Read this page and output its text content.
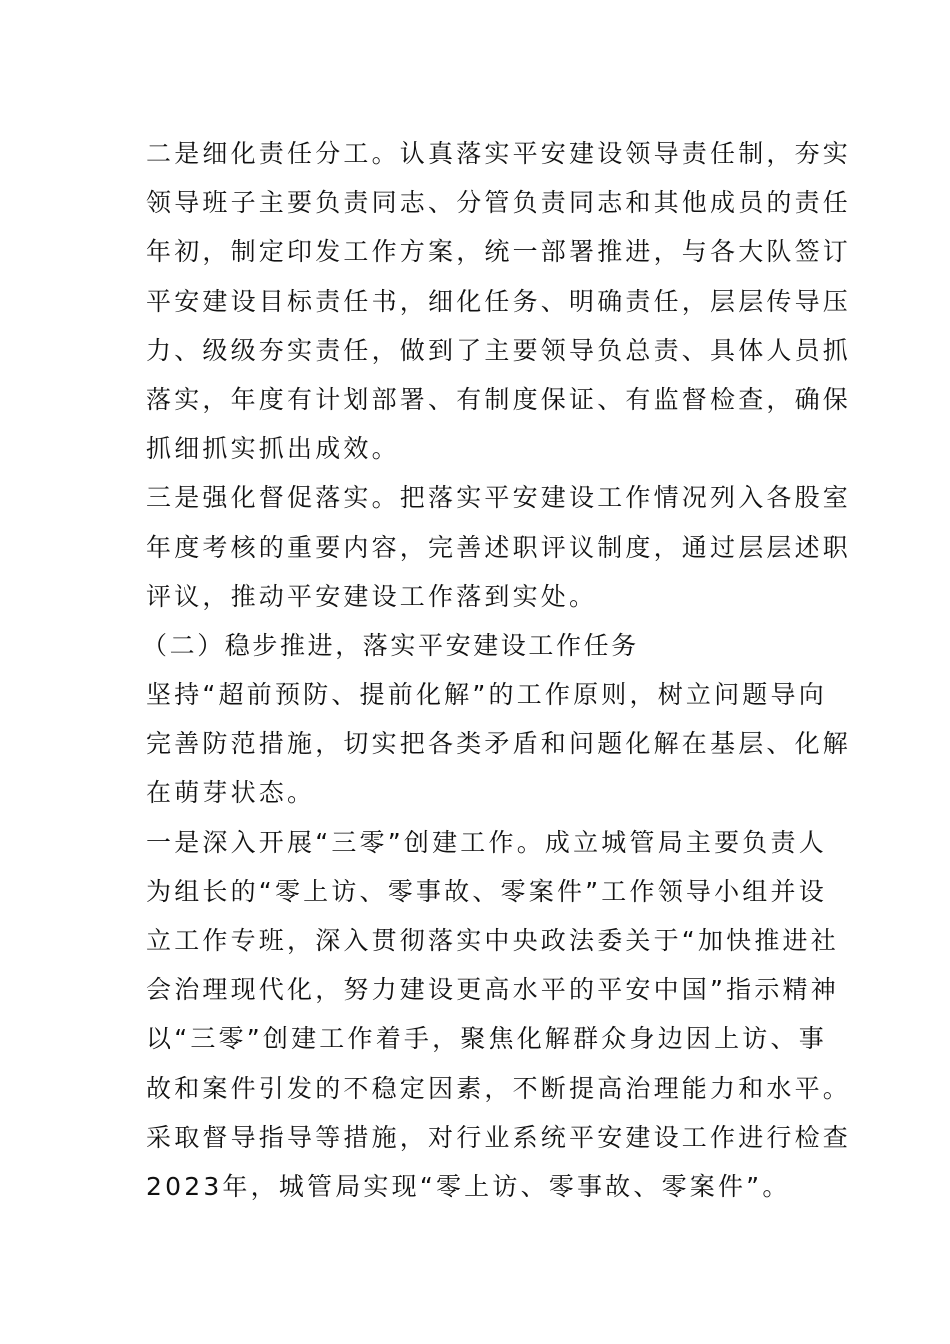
二是细化责任分工。认真落实平安建设领导责任制，夯实
领导班子主要负责同志、分管负责同志和其他成员的责任
年初，制定印发工作方案，统一部署推进，与各大队签订
平安建设目标责任书，细化任务、明确责任，层层传导压
力、级级夯实责任，做到了主要领导负总责、具体人员抓
落实，年度有计划部署、有制度保证、有监督检查，确保
抓细抓实抓出成效。
三是强化督促落实。把落实平安建设工作情况列入各股室
年度考核的重要内容，完善述职评议制度，通过层层述职
评议，推动平安建设工作落到实处。
（二）稳步推进，落实平安建设工作任务
坚持“超前预防、提前化解”的工作原则，树立问题导向
完善防范措施，切实把各类矛盾和问题化解在基层、化解
在萌芽状态。
一是深入开展“三零”创建工作。成立城管局主要负责人
为组长的“零上访、零事故、零案件”工作领导小组并设
立工作专班，深入贯彻落实中央政法委关于“加快推进社
会治理现代化，努力建设更高水平的平安中国”指示精神
以“三零”创建工作着手，聚焦化解群众身边因上访、事
故和案件引发的不稳定因素，不断提高治理能力和水平。
采取督导指导等措施，对行业系统平安建设工作进行检查
2023年，城管局实现“零上访、零事故、零案件”。
